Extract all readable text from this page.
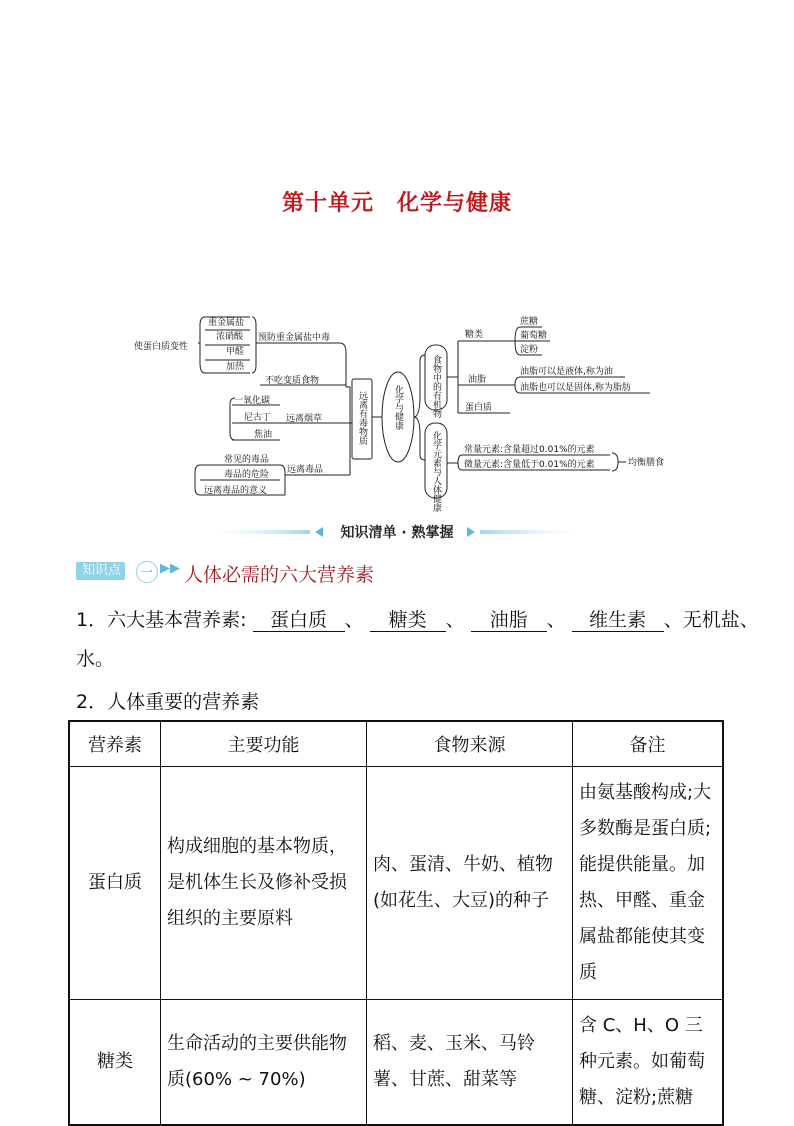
第十单元　化学与健康
使蛋白质变性
重金属盐
浓硝酸
甲醛
加热
预防重金属盐中毒
不吃变质食物
一氧化碳
尼古丁
焦油
远离烟草
常见的毒品
毒品的危险
远离毒品的意义
远离毒品
远离有毒物质	化学与健康	食物中的有机物
糖类
蔗糖
葡萄糖
淀粉
油脂
油脂可以是液体,称为油
油脂也可以是固体,称为脂肪
蛋白质
化学元素与人体健康	常量元素:含量超过0.01%的元素
微量元素:含量低于0.01%的元素	均衡膳食
知识清单 · 熟掌握
知识点	一 ▶▶ 人体必需的六大营养素
1．六大基本营养素: 蛋白质 、 糖类 、 油脂 、 维生素 、无机盐、
水。
2．人体重要的营养素
营养素	主要功能	食物来源	备注
蛋白质	构成细胞的基本物质，是机体生长及修补受损组织的主要原料	肉、蛋清、牛奶、植物(如花生、大豆)的种子	由氨基酸构成;大多数酶是蛋白质;能提供能量。加热、甲醛、重金属盐都能使其变质
糖类	生命活动的主要供能物质(60% ~ 70%)	稻、麦、玉米、马铃薯、甘蔗、甜菜等	含 C、H、O 三种元素。如葡萄糖、淀粉;蔗糖
